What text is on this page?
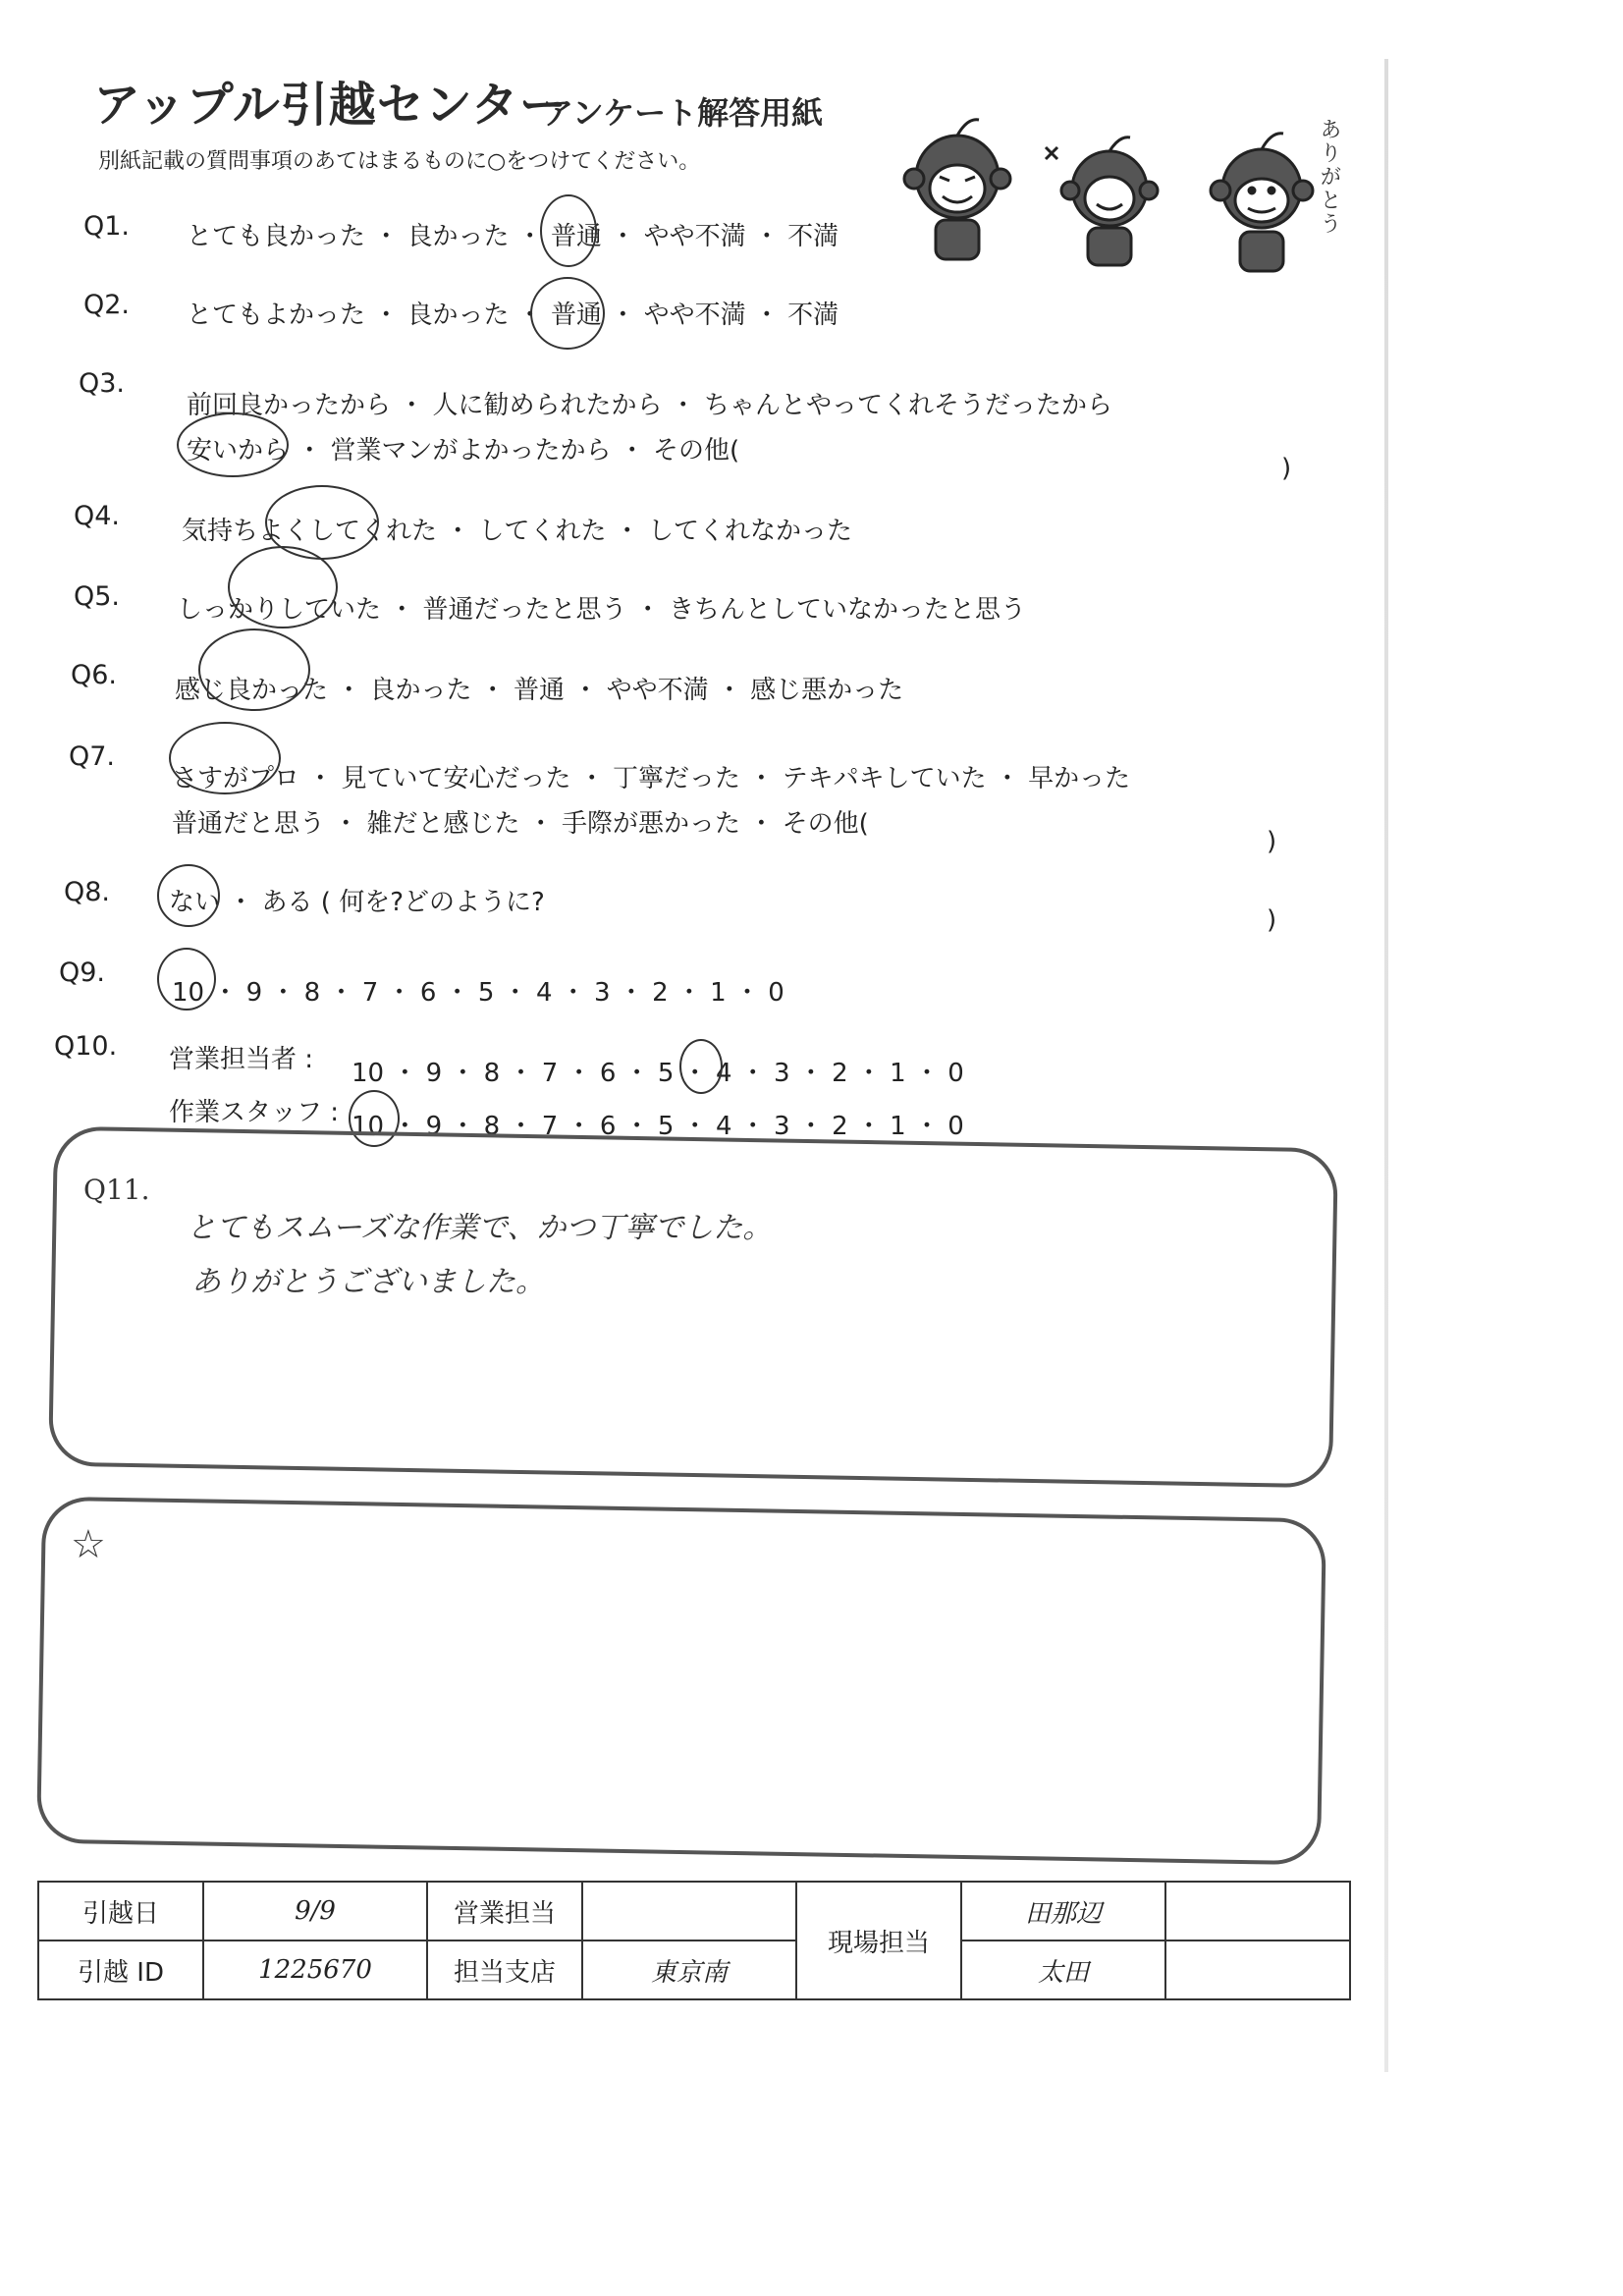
アップル引越センター
アンケート解答用紙
別紙記載の質問事項のあてはまるものに○をつけてください。	ありがとう
Q1. とても良かった ・ 良かった ・ 普通 ・ やや不満 ・ 不満
Q2. とてもよかった ・ 良かった ・ 普通 ・ やや不満 ・ 不満
Q3.
前回良かったから ・ 人に勧められたから ・ ちゃんとやってくれそうだったから
安いから ・ 営業マンがよかったから ・ その他(
)
Q4. 気持ちよくしてくれた ・ してくれた ・ してくれなかった
Q5. しっかりしていた ・ 普通だったと思う ・ きちんとしていなかったと思う
Q6. 感じ良かった ・ 良かった ・ 普通 ・ やや不満 ・ 感じ悪かった
Q7.
さすがプロ ・ 見ていて安心だった ・ 丁寧だった ・ テキパキしていた ・ 早かった
普通だと思う ・ 雑だと感じた ・ 手際が悪かった ・ その他(
)
Q8. ない ・ ある ( 何を?どのように?
)
Q9.
10 ・ 9 ・ 8 ・ 7 ・ 6 ・ 5 ・ 4 ・ 3 ・ 2 ・ 1 ・ 0
Q10. 営業担当者 : 10 ・ 9 ・ 8 ・ 7 ・ 6 ・ 5 ・ 4 ・ 3 ・ 2 ・ 1 ・ 0
作業スタッフ : 10 ・ 9 ・ 8 ・ 7 ・ 6 ・ 5 ・ 4 ・ 3 ・ 2 ・ 1 ・ 0
Q11.
とてもスムーズな作業で、かつ丁寧でした。
ありがとうございました。
☆
引越日	9/9	営業担当		現場担当	田那辺	
引越 ID	1225670	担当支店	東京南		太田	
